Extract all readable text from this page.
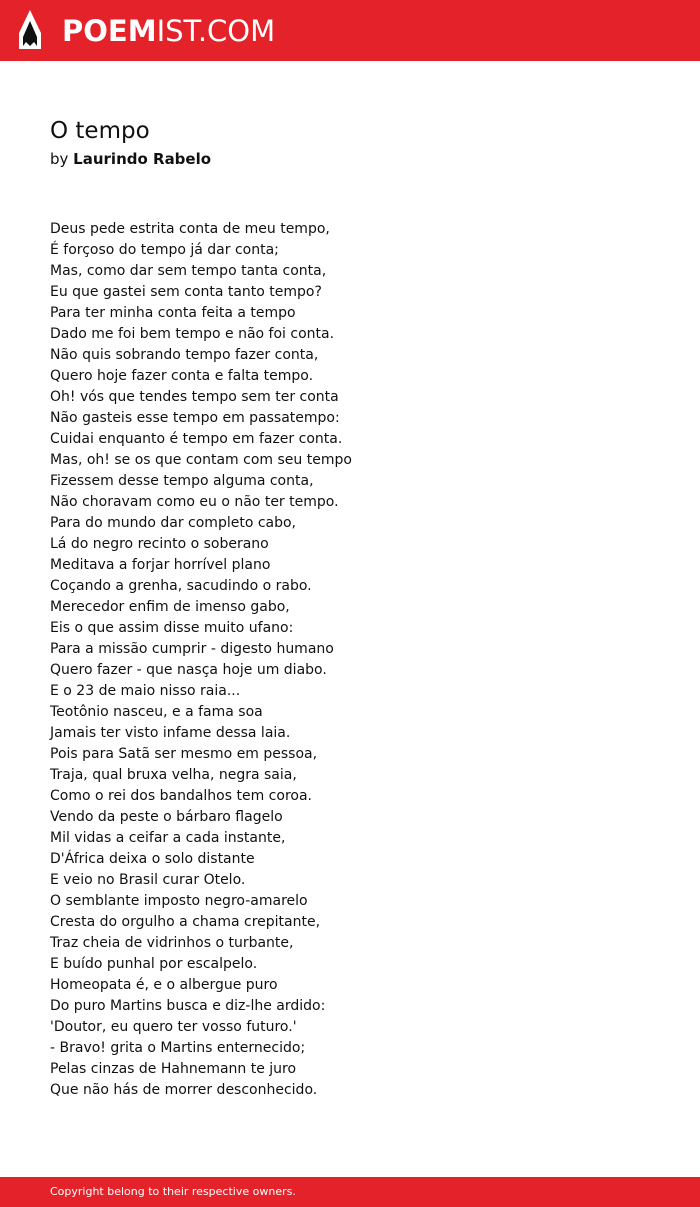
POEMIST.COM
O tempo
by Laurindo Rabelo
Deus pede estrita conta de meu tempo,
É forçoso do tempo já dar conta;
Mas, como dar sem tempo tanta conta,
Eu que gastei sem conta tanto tempo?
Para ter minha conta feita a tempo
Dado me foi bem tempo e não foi conta.
Não quis sobrando tempo fazer conta,
Quero hoje fazer conta e falta tempo.
Oh! vós que tendes tempo sem ter conta
Não gasteis esse tempo em passatempo:
Cuidai enquanto é tempo em fazer conta.
Mas, oh! se os que contam com seu tempo
Fizessem desse tempo alguma conta,
Não choravam como eu o não ter tempo.
Para do mundo dar completo cabo,
Lá do negro recinto o soberano
Meditava a forjar horrível plano
Coçando a grenha, sacudindo o rabo.
Merecedor enfim de imenso gabo,
Eis o que assim disse muito ufano:
Para a missão cumprir - digesto humano
Quero fazer - que nasça hoje um diabo.
E o 23 de maio nisso raia...
Teotônio nasceu, e a fama soa
Jamais ter visto infame dessa laia.
Pois para Satã ser mesmo em pessoa,
Traja, qual bruxa velha, negra saia,
Como o rei dos bandalhos tem coroa.
Vendo da peste o bárbaro flagelo
Mil vidas a ceifar a cada instante,
D'África deixa o solo distante
E veio no Brasil curar Otelo.
O semblante imposto negro-amarelo
Cresta do orgulho a chama crepitante,
Traz cheia de vidrinhos o turbante,
E buído punhal por escalpelo.
Homeopata é, e o albergue puro
Do puro Martins busca e diz-lhe ardido:
'Doutor, eu quero ter vosso futuro.'
- Bravo! grita o Martins enternecido;
Pelas cinzas de Hahnemann te juro
Que não hás de morrer desconhecido.
Copyright belong to their respective owners.
